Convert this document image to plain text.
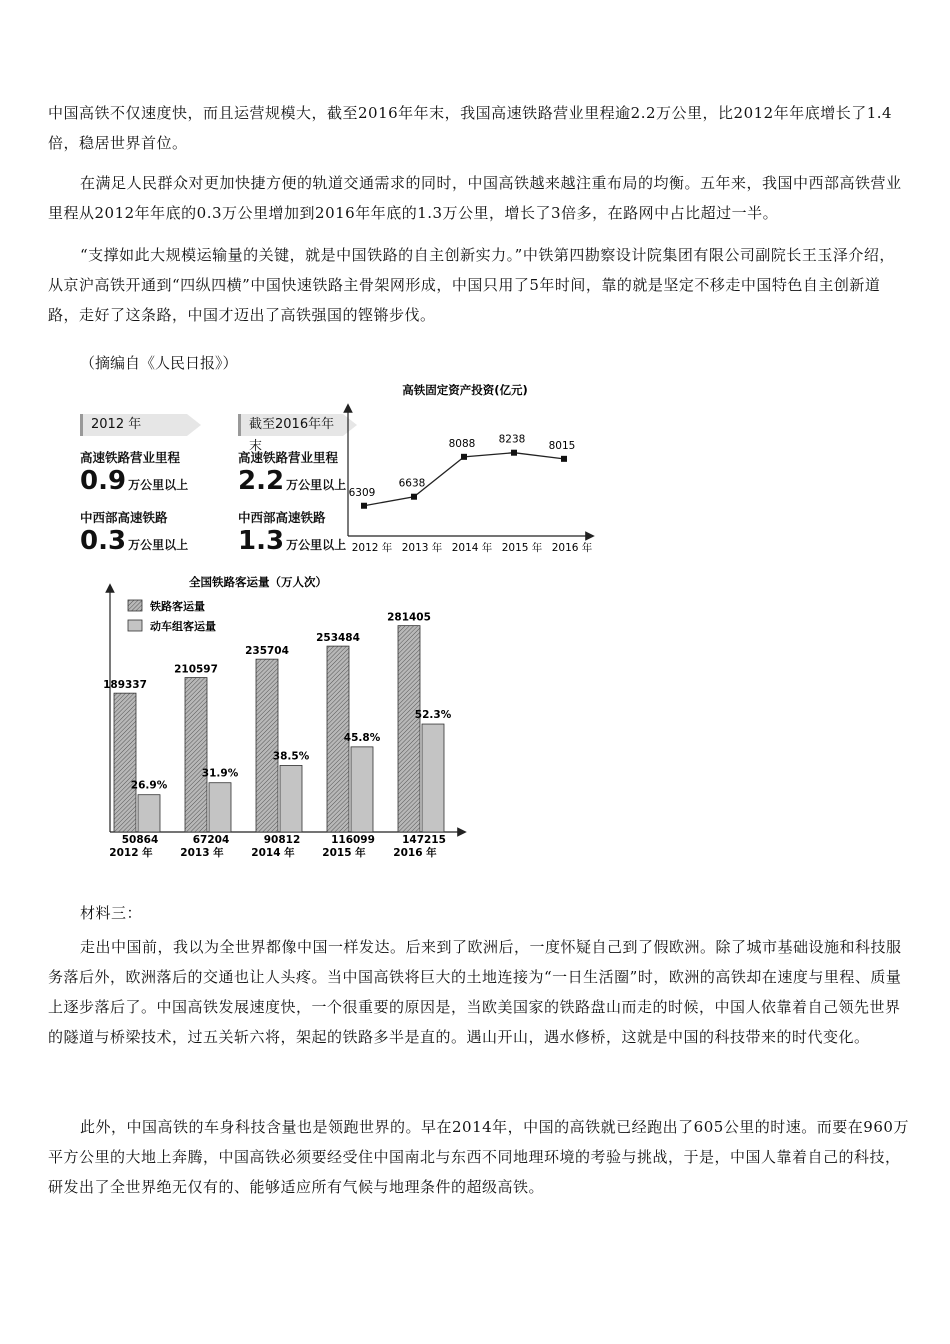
中国高铁不仅速度快，而且运营规模大，截至2016年年末，我国高速铁路营业里程逾2.2万公里，比2012年年底增长了1.4倍，稳居世界首位。

在满足人民群众对更加快捷方便的轨道交通需求的同时，中国高铁越来越注重布局的均衡。五年来，我国中西部高铁营业里程从2012年年底的0.3万公里增加到2016年年底的1.3万公里，增长了3倍多，在路网中占比超过一半。

“支撑如此大规模运输量的关键，就是中国铁路的自主创新实力。”中铁第四勘察设计院集团有限公司副院长王玉泽介绍，从京沪高铁开通到“四纵四横”中国快速铁路主骨架网形成，中国只用了5年时间，靠的就是坚定不移走中国特色自主创新道路，走好了这条路，中国才迈出了高铁强国的铿锵步伐。

（摘编自《人民日报》）
2012 年
高速铁路营业里程
0.9 万公里以上
中西部高速铁路
0.3 万公里以上
截至2016年年末
高速铁路营业里程
2.2 万公里以上
中西部高速铁路
1.3 万公里以上
高铁固定资产投资(亿元)
6309
2012 年
6638
2013 年
8088
2014 年
8238
2015 年
8015
2016 年
全国铁路客运量（万人次）
铁路客运量
动车组客运量
189337
26.9%
50864
2012 年
210597
31.9%
67204
2013 年
235704
38.5%
90812
2014 年
253484
45.8%
116099
2015 年
281405
52.3%
147215
2016 年
材料三：

走出中国前，我以为全世界都像中国一样发达。后来到了欧洲后，一度怀疑自己到了假欧洲。除了城市基础设施和科技服务落后外，欧洲落后的交通也让人头疼。当中国高铁将巨大的土地连接为“一日生活圈”时，欧洲的高铁却在速度与里程、质量上逐步落后了。中国高铁发展速度快，一个很重要的原因是，当欧美国家的铁路盘山而走的时候，中国人依靠着自己领先世界的隧道与桥梁技术，过五关斩六将，架起的铁路多半是直的。遇山开山，遇水修桥，这就是中国的科技带来的时代变化。

此外，中国高铁的车身科技含量也是领跑世界的。早在2014年，中国的高铁就已经跑出了605公里的时速。而要在960万平方公里的大地上奔腾，中国高铁必须要经受住中国南北与东西不同地理环境的考验与挑战，于是，中国人靠着自己的科技，研发出了全世界绝无仅有的、能够适应所有气候与地理条件的超级高铁。
